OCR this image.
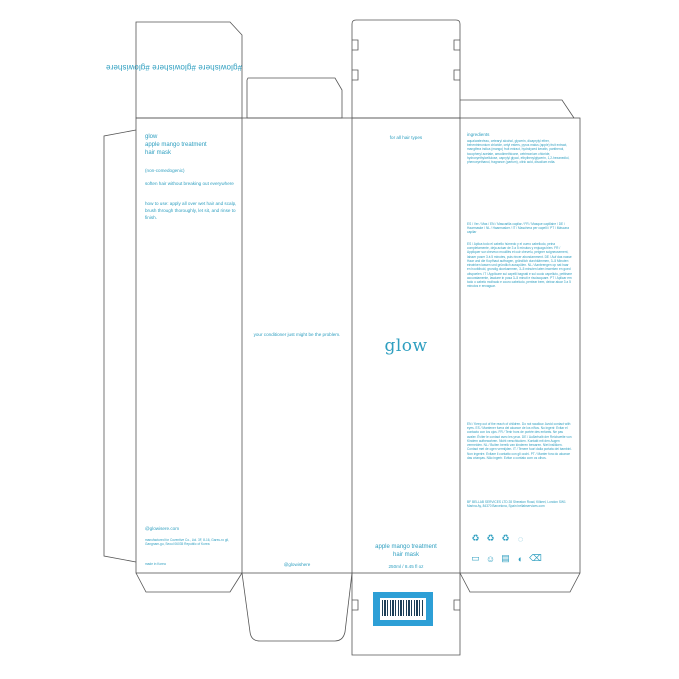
#glowishere #glowishere #glowishere
glow
apple mango treatment
hair mask
(non-comedogenic)
soften hair without breaking out everywhere
how to use: apply all over wet hair and scalp, brush through thoroughly, let sit, and rinse to finish.
@glowisere.com
manufactured for Coventive Co., Ltd. 3F, 8-16, Gareu-ro gil, Gangnam-gu, Seoul 06035 Republic of Korea
made in Korea
your conditioner just might be the problem.
@glowishere
for all hair types
glow
apple mango treatment
hair mask
250ml / 8.45 fl oz
ingredients
aqua/water/eau, cetearyl alcohol, glycerin, dicaprylyl ether, behentrimonium chloride, cetyl esters, pyrus malus (apple) fruit extract, mangifera indica (mango) fruit extract, hydrolyzed keratin, panthenol, tocopheryl acetate, amodimethicone, cetrimonium chloride, hydroxyethylcellulose, caprylyl glycol, ethylhexylglycerin, 1,2-hexanediol, phenoxyethanol, fragrance (parfum), citric acid, disodium edta.
ES / Ver / Mas / EN / Mascarilla capilar / FR / Masque capillaire / DE / Haarmaske / NL / Haarmasker / IT / Maschera per capelli / PT / Máscara capilar
ES / Aplica todo el cabello húmedo y el cuero cabelludo, peina completamente, deja actuar de 3 a 5 minutos y enjuaga bien. FR / Appliquer sur cheveux mouillés et cuir chevelu, peigner soigneusement, laisser poser 3 à 5 minutes, puis rincer abondamment. DE / Auf das nasse Haar und die Kopfhaut auftragen, gründlich durchkämmen, 3–5 Minuten einwirken lassen und gründlich ausspülen. NL / Aanbrengen op nat haar en hoofdhuid, grondig doorkammen, 3–5 minuten laten inwerken en goed uitspoelen. IT / Applicare sui capelli bagnati e sul cuoio capelluto, pettinare accuratamente, lasciare in posa 3–5 minuti e risciacquare. PT / Aplicar em todo o cabelo molhado e couro cabeludo, pentear bem, deixar atuar 3 a 5 minutos e enxaguar.
EN / Keep out of the reach of children. Do not swallow. Avoid contact with eyes. ES / Mantener fuera del alcance de los niños. No ingerir. Evitar el contacto con los ojos. FR / Tenir hors de portée des enfants. Ne pas avaler. Éviter le contact avec les yeux. DE / Außerhalb der Reichweite von Kindern aufbewahren. Nicht verschlucken. Kontakt mit den Augen vermeiden. NL / Buiten bereik van kinderen bewaren. Niet inslikken. Contact met de ogen vermijden. IT / Tenere fuori dalla portata dei bambini. Non ingerire. Evitare il contatto con gli occhi. PT / Manter fora do alcance das crianças. Não ingerir. Evitar o contato com os olhos.
BF BELLAB SERVICES LTD 28 Sheraton Road, Kilkeel, London SW1 Marina Ay, 84370 Barcelona, Spain bellabservices.com
♻ ♻ ♻ ◌
▭ ☺ ▤ ◐ ⌫
